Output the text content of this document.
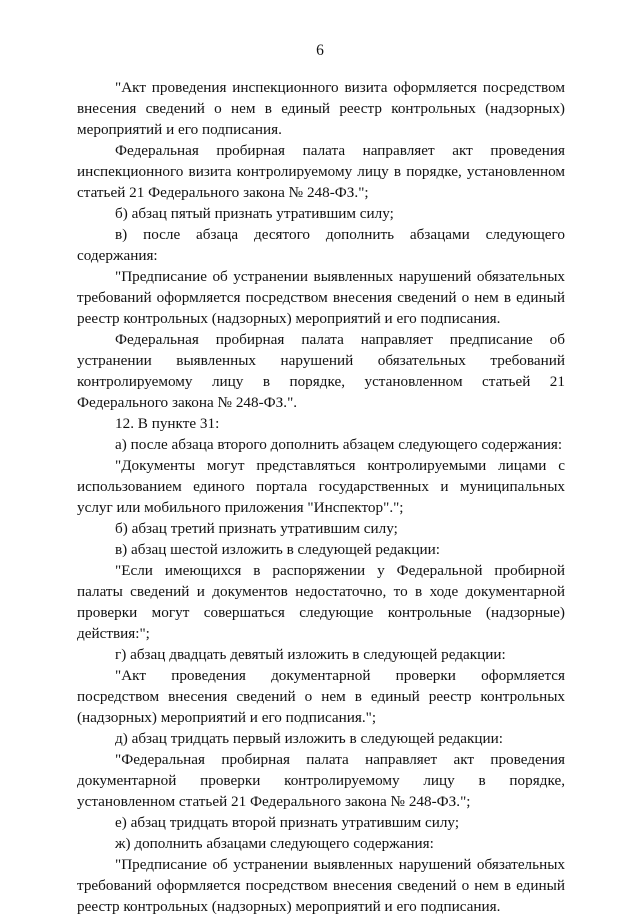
6

"Акт проведения инспекционного визита оформляется посредством внесения сведений о нем в единый реестр контрольных (надзорных) мероприятий и его подписания.

Федеральная пробирная палата направляет акт проведения инспекционного визита контролируемому лицу в порядке, установленном статьей 21 Федерального закона № 248-ФЗ.";

б) абзац пятый признать утратившим силу;

в) после абзаца десятого дополнить абзацами следующего содержания:

"Предписание об устранении выявленных нарушений обязательных требований оформляется посредством внесения сведений о нем в единый реестр контрольных (надзорных) мероприятий и его подписания.

Федеральная пробирная палата направляет предписание об устранении выявленных нарушений обязательных требований контролируемому лицу в порядке, установленном статьей 21 Федерального закона № 248-ФЗ.".

12. В пункте 31:

а) после абзаца второго дополнить абзацем следующего содержания:

"Документы могут представляться контролируемыми лицами с использованием единого портала государственных и муниципальных услуг или мобильного приложения "Инспектор".";

б) абзац третий признать утратившим силу;

в) абзац шестой изложить в следующей редакции:

"Если имеющихся в распоряжении у Федеральной пробирной палаты сведений и документов недостаточно, то в ходе документарной проверки могут совершаться следующие контрольные (надзорные) действия:";

г) абзац двадцать девятый изложить в следующей редакции:

"Акт проведения документарной проверки оформляется посредством внесения сведений о нем в единый реестр контрольных (надзорных) мероприятий и его подписания.";

д) абзац тридцать первый изложить в следующей редакции:

"Федеральная пробирная палата направляет акт проведения документарной проверки контролируемому лицу в порядке, установленном статьей 21 Федерального закона № 248-ФЗ.";

е) абзац тридцать второй признать утратившим силу;

ж) дополнить абзацами следующего содержания:

"Предписание об устранении выявленных нарушений обязательных требований оформляется посредством внесения сведений о нем в единый реестр контрольных (надзорных) мероприятий и его подписания.
